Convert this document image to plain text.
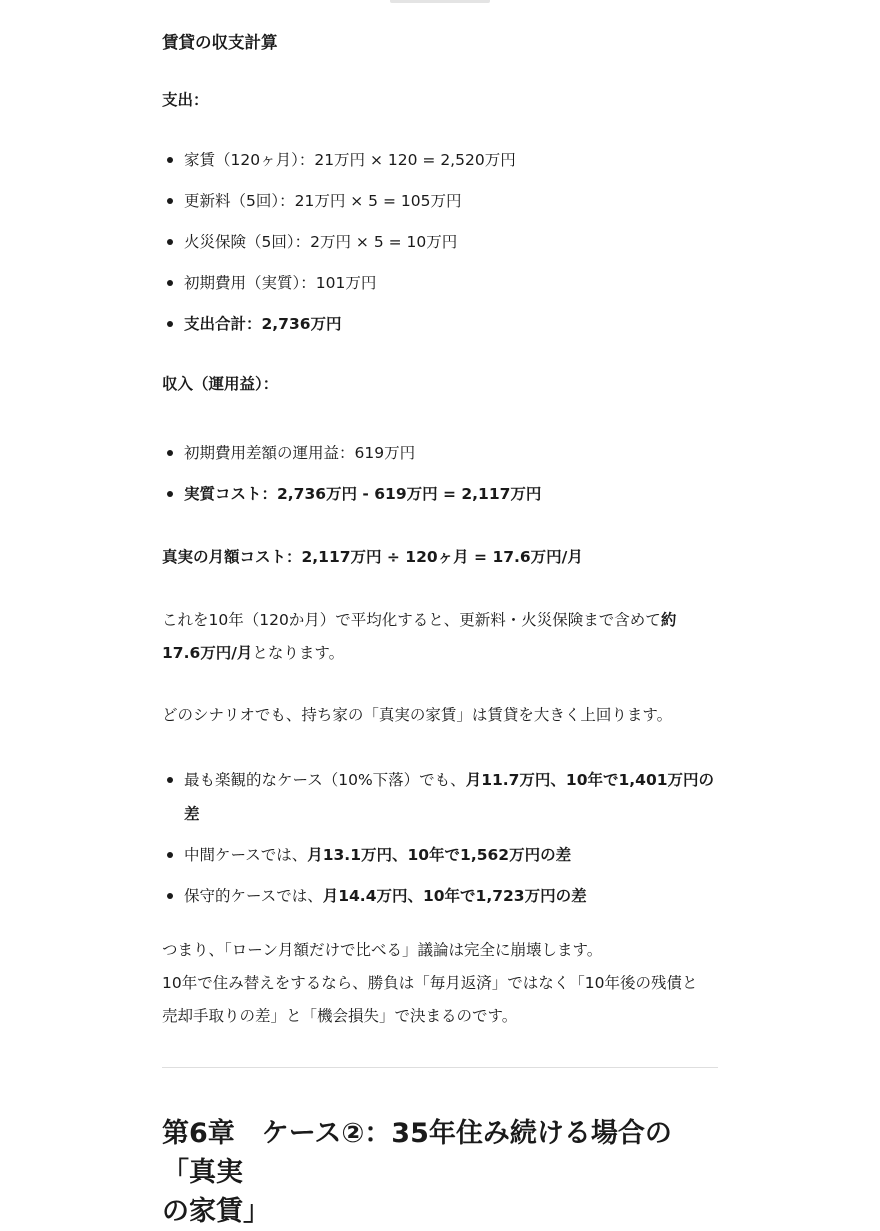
賃貸の収支計算
支出：
家賃（120ヶ月）：21万円 × 120 = 2,520万円
更新料（5回）：21万円 × 5 = 105万円
火災保険（5回）：2万円 × 5 = 10万円
初期費用（実質）：101万円
支出合計：2,736万円
収入（運用益）：
初期費用差額の運用益：619万円
実質コスト：2,736万円 - 619万円 = 2,117万円

真実の月額コスト：2,117万円 ÷ 120ヶ月 = 17.6万円/月

これを10年（120か月）で平均化すると、更新料・火災保険まで含めて約
17.6万円/月となります。

どのシナリオでも、持ち家の「真実の家賃」は賃貸を大きく上回ります。

最も楽観的なケース（10%下落）でも、月11.7万円、10年で1,401万円の
差
中間ケースでは、月13.1万円、10年で1,562万円の差
保守的ケースでは、月14.4万円、10年で1,723万円の差

つまり、「ローン月額だけで比べる」議論は完全に崩壊します。
10年で住み替えをするなら、勝負は「毎月返済」ではなく「10年後の残債と
売却手取りの差」と「機会損失」で決まるのです。

第6章　ケース②：35年住み続ける場合の「真実
の家賃」
